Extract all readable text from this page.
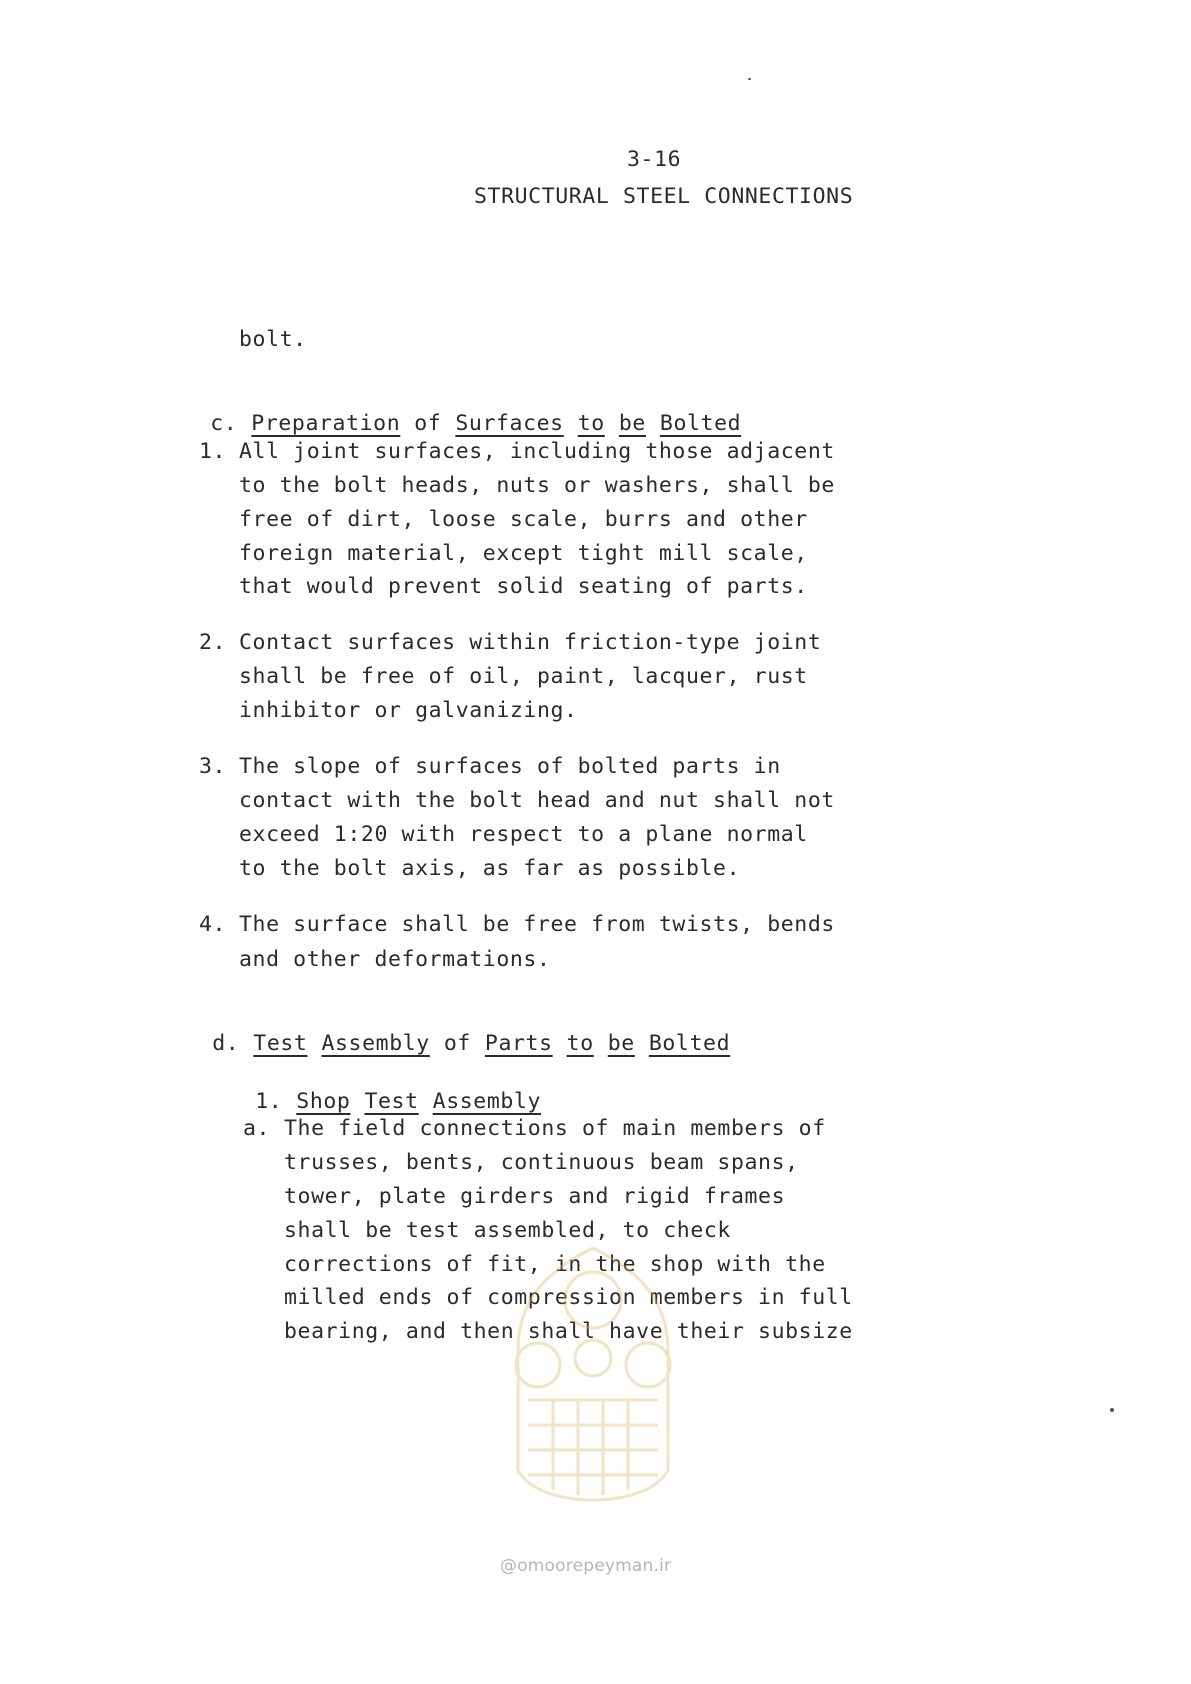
3-16
STRUCTURAL STEEL CONNECTIONS
bolt.

c. Preparation of Surfaces to be Bolted

1. All joint surfaces, including those adjacent
to the bolt heads, nuts or washers, shall be
free of dirt, loose scale, burrs and other
foreign material, except tight mill scale,
that would prevent solid seating of parts.
2. Contact surfaces within friction-type joint
shall be free of oil, paint, lacquer, rust
inhibitor or galvanizing.
3. The slope of surfaces of bolted parts in
contact with the bolt head and nut shall not
exceed 1:20 with respect to a plane normal
to the bolt axis, as far as possible.
4. The surface shall be free from twists, bends
and other deformations.

d. Test Assembly of Parts to be Bolted

1. Shop Test Assembly

a. The field connections of main members of
trusses, bents, continuous beam spans,
tower, plate girders and rigid frames
shall be test assembled, to check
corrections of fit, in the shop with the
milled ends of compression members in full
bearing, and then shall have their subsize
@omoorepeyman.ir
